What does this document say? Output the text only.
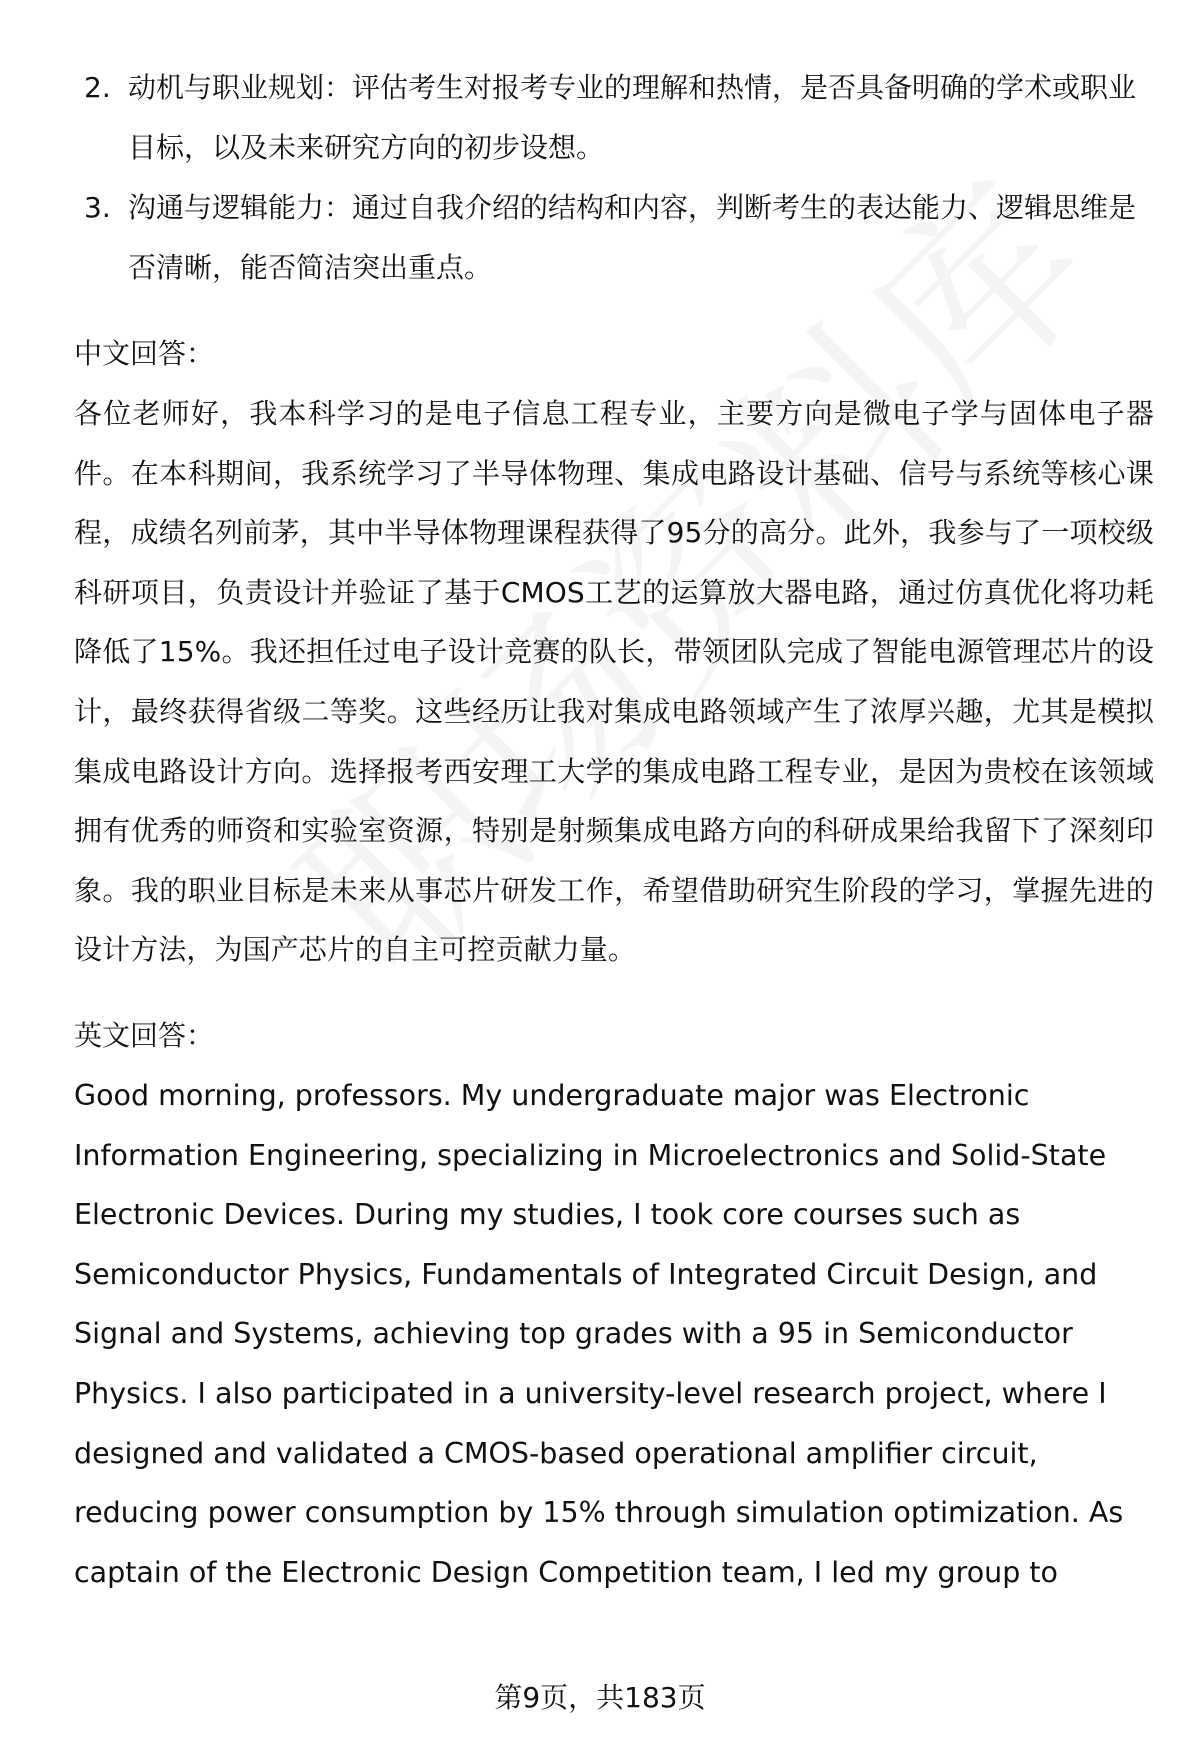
2. 动机与职业规划：评估考生对报考专业的理解和热情，是否具备明确的学术或职业目标，以及未来研究方向的初步设想。
3. 沟通与逻辑能力：通过自我介绍的结构和内容，判断考生的表达能力、逻辑思维是否清晰，能否简洁突出重点。
中文回答：

各位老师好，我本科学习的是电子信息工程专业，主要方向是微电子学与固体电子器件。在本科期间，我系统学习了半导体物理、集成电路设计基础、信号与系统等核心课程，成绩名列前茅，其中半导体物理课程获得了95分的高分。此外，我参与了一项校级科研项目，负责设计并验证了基于CMOS工艺的运算放大器电路，通过仿真优化将功耗降低了15%。我还担任过电子设计竞赛的队长，带领团队完成了智能电源管理芯片的设计，最终获得省级二等奖。这些经历让我对集成电路领域产生了浓厚兴趣，尤其是模拟集成电路设计方向。选择报考西安理工大学的集成电路工程专业，是因为贵校在该领域拥有优秀的师资和实验室资源，特别是射频集成电路方向的科研成果给我留下了深刻印象。我的职业目标是未来从事芯片研发工作，希望借助研究生阶段的学习，掌握先进的设计方法，为国产芯片的自主可控贡献力量。

英文回答：

Good morning, professors. My undergraduate major was Electronic Information Engineering, specializing in Microelectronics and Solid-State Electronic Devices. During my studies, I took core courses such as Semiconductor Physics, Fundamentals of Integrated Circuit Design, and Signal and Systems, achieving top grades with a 95 in Semiconductor Physics. I also participated in a university-level research project, where I designed and validated a CMOS-based operational amplifier circuit, reducing power consumption by 15% through simulation optimization. As captain of the Electronic Design Competition team, I led my group to

第9页，共183页
